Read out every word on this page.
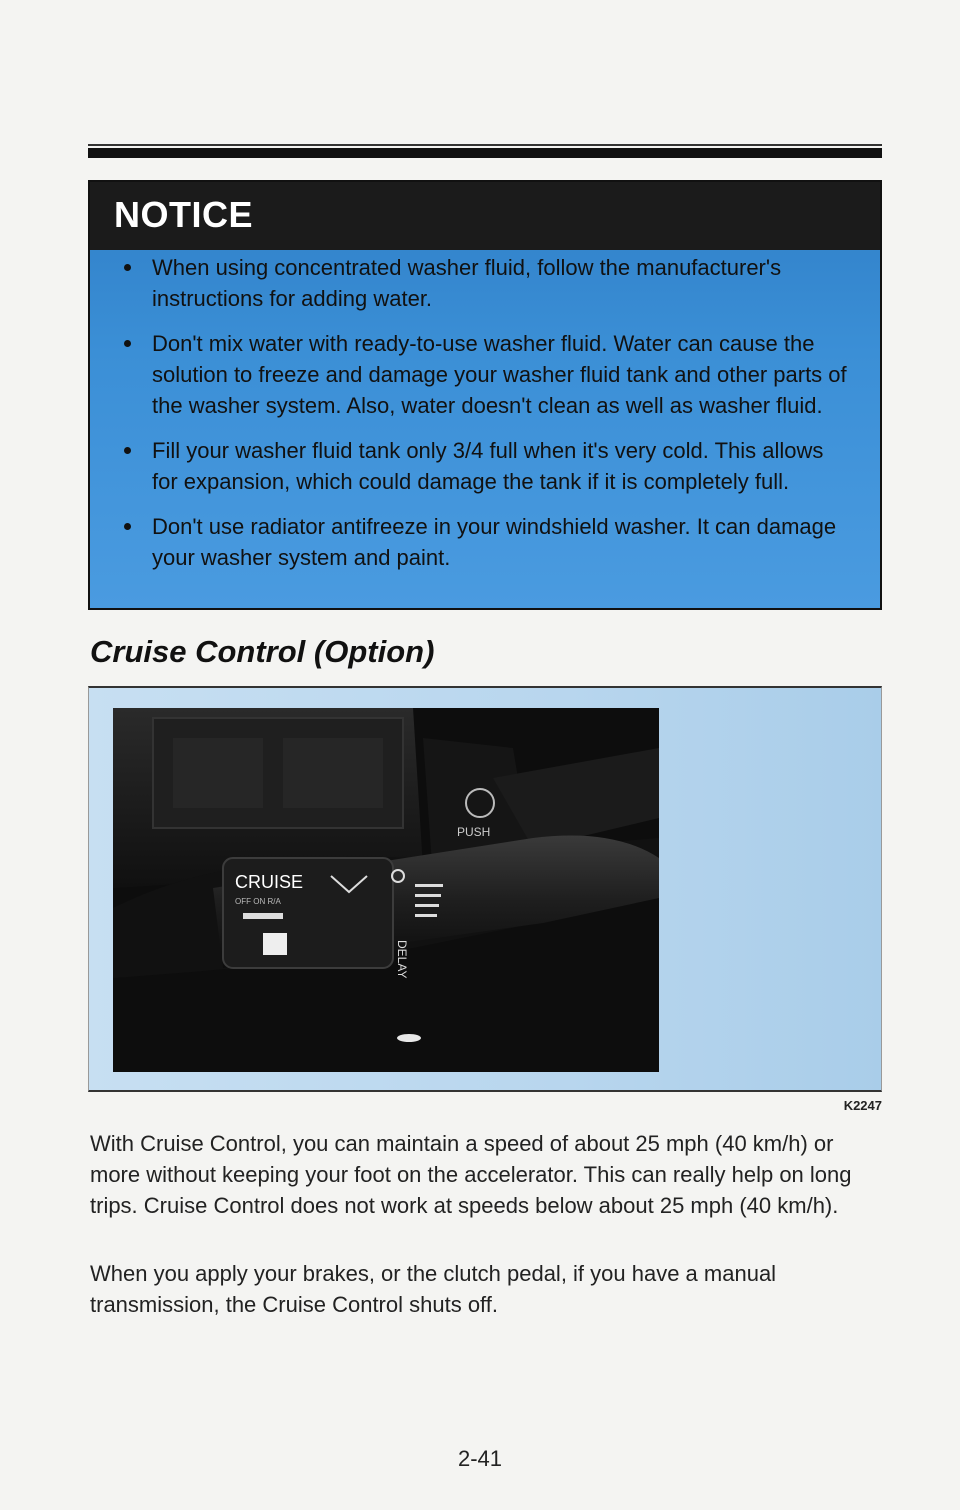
NOTICE
When using concentrated washer fluid, follow the manufacturer's instructions for adding water.
Don't mix water with ready-to-use washer fluid. Water can cause the solution to freeze and damage your washer fluid tank and other parts of the washer system. Also, water doesn't clean as well as washer fluid.
Fill your washer fluid tank only 3/4 full when it's very cold. This allows for expansion, which could damage the tank if it is completely full.
Don't use radiator antifreeze in your windshield washer. It can damage your washer system and paint.
Cruise Control (Option)
CRUISE
OFF ON R/A
DELAY
PUSH
K2247

With Cruise Control, you can maintain a speed of about 25 mph (40 km/h) or more without keeping your foot on the accelerator. This can really help on long trips. Cruise Control does not work at speeds below about 25 mph (40 km/h).

When you apply your brakes, or the clutch pedal, if you have a manual transmission, the Cruise Control shuts off.

2-41
